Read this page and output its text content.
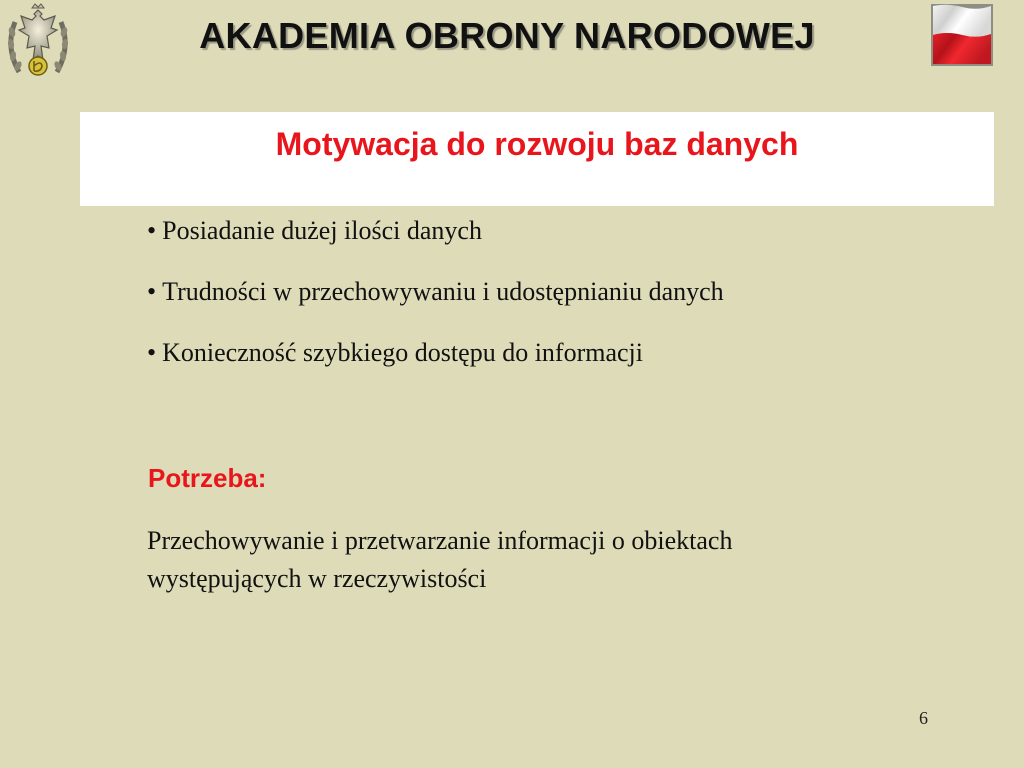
AKADEMIA OBRONY NARODOWEJ
Motywacja do rozwoju baz danych
• Posiadanie dużej ilości danych
• Trudności w przechowywaniu i udostępnianiu danych
• Konieczność szybkiego dostępu do informacji
Potrzeba:
Przechowywanie i przetwarzanie informacji o obiektach występujących w rzeczywistości
6
